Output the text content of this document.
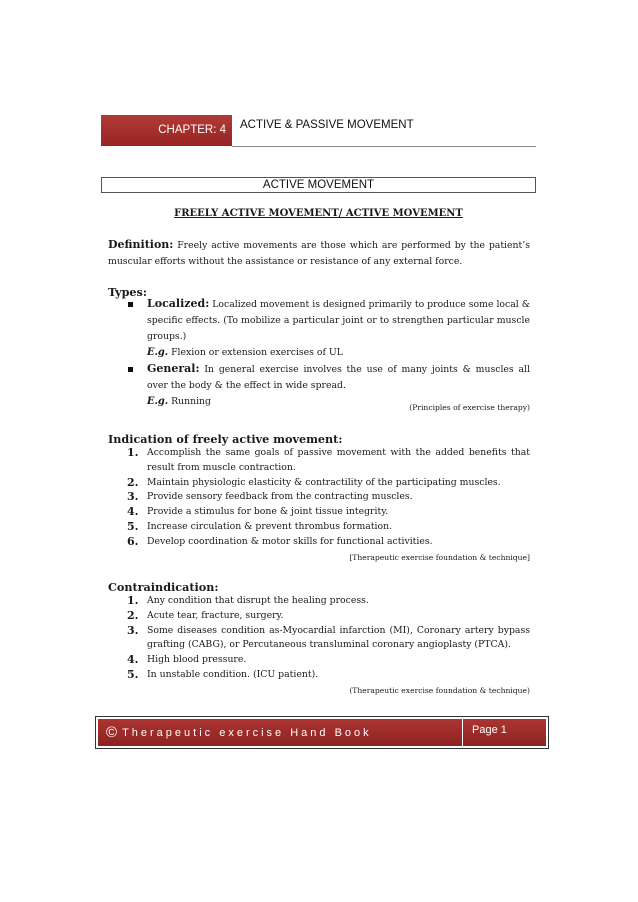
CHAPTER: 4	ACTIVE & PASSIVE MOVEMENT
ACTIVE MOVEMENT
FREELY ACTIVE MOVEMENT/ ACTIVE MOVEMENT
Definition: Freely active movements are those which are performed by the patient’s muscular efforts without the assistance or resistance of any external force.
Types:
Localized: Localized movement is designed primarily to produce some local & specific effects. (To mobilize a particular joint or to strengthen particular muscle groups.)
E.g. Flexion or extension exercises of UL
General: In general exercise involves the use of many joints & muscles all over the body & the effect in wide spread.
E.g. Running
(Principles of exercise therapy)
Indication of freely active movement:
1. Accomplish the same goals of passive movement with the added benefits that result from muscle contraction.
2. Maintain physiologic elasticity & contractility of the participating muscles.
3. Provide sensory feedback from the contracting muscles.
4. Provide a stimulus for bone & joint tissue integrity.
5. Increase circulation & prevent thrombus formation.
6. Develop coordination & motor skills for functional activities.
[Therapeutic exercise foundation & technique]
Contraindication:
1. Any condition that disrupt the healing process.
2. Acute tear, fracture, surgery.
3. Some diseases condition as-Myocardial infarction (MI), Coronary artery bypass grafting (CABG), or Percutaneous transluminal coronary angioplasty (PTCA).
4. High blood pressure.
5. In unstable condition. (ICU patient).
(Therapeutic exercise foundation & technique)
© Therapeutic exercise Hand Book	Page 1
